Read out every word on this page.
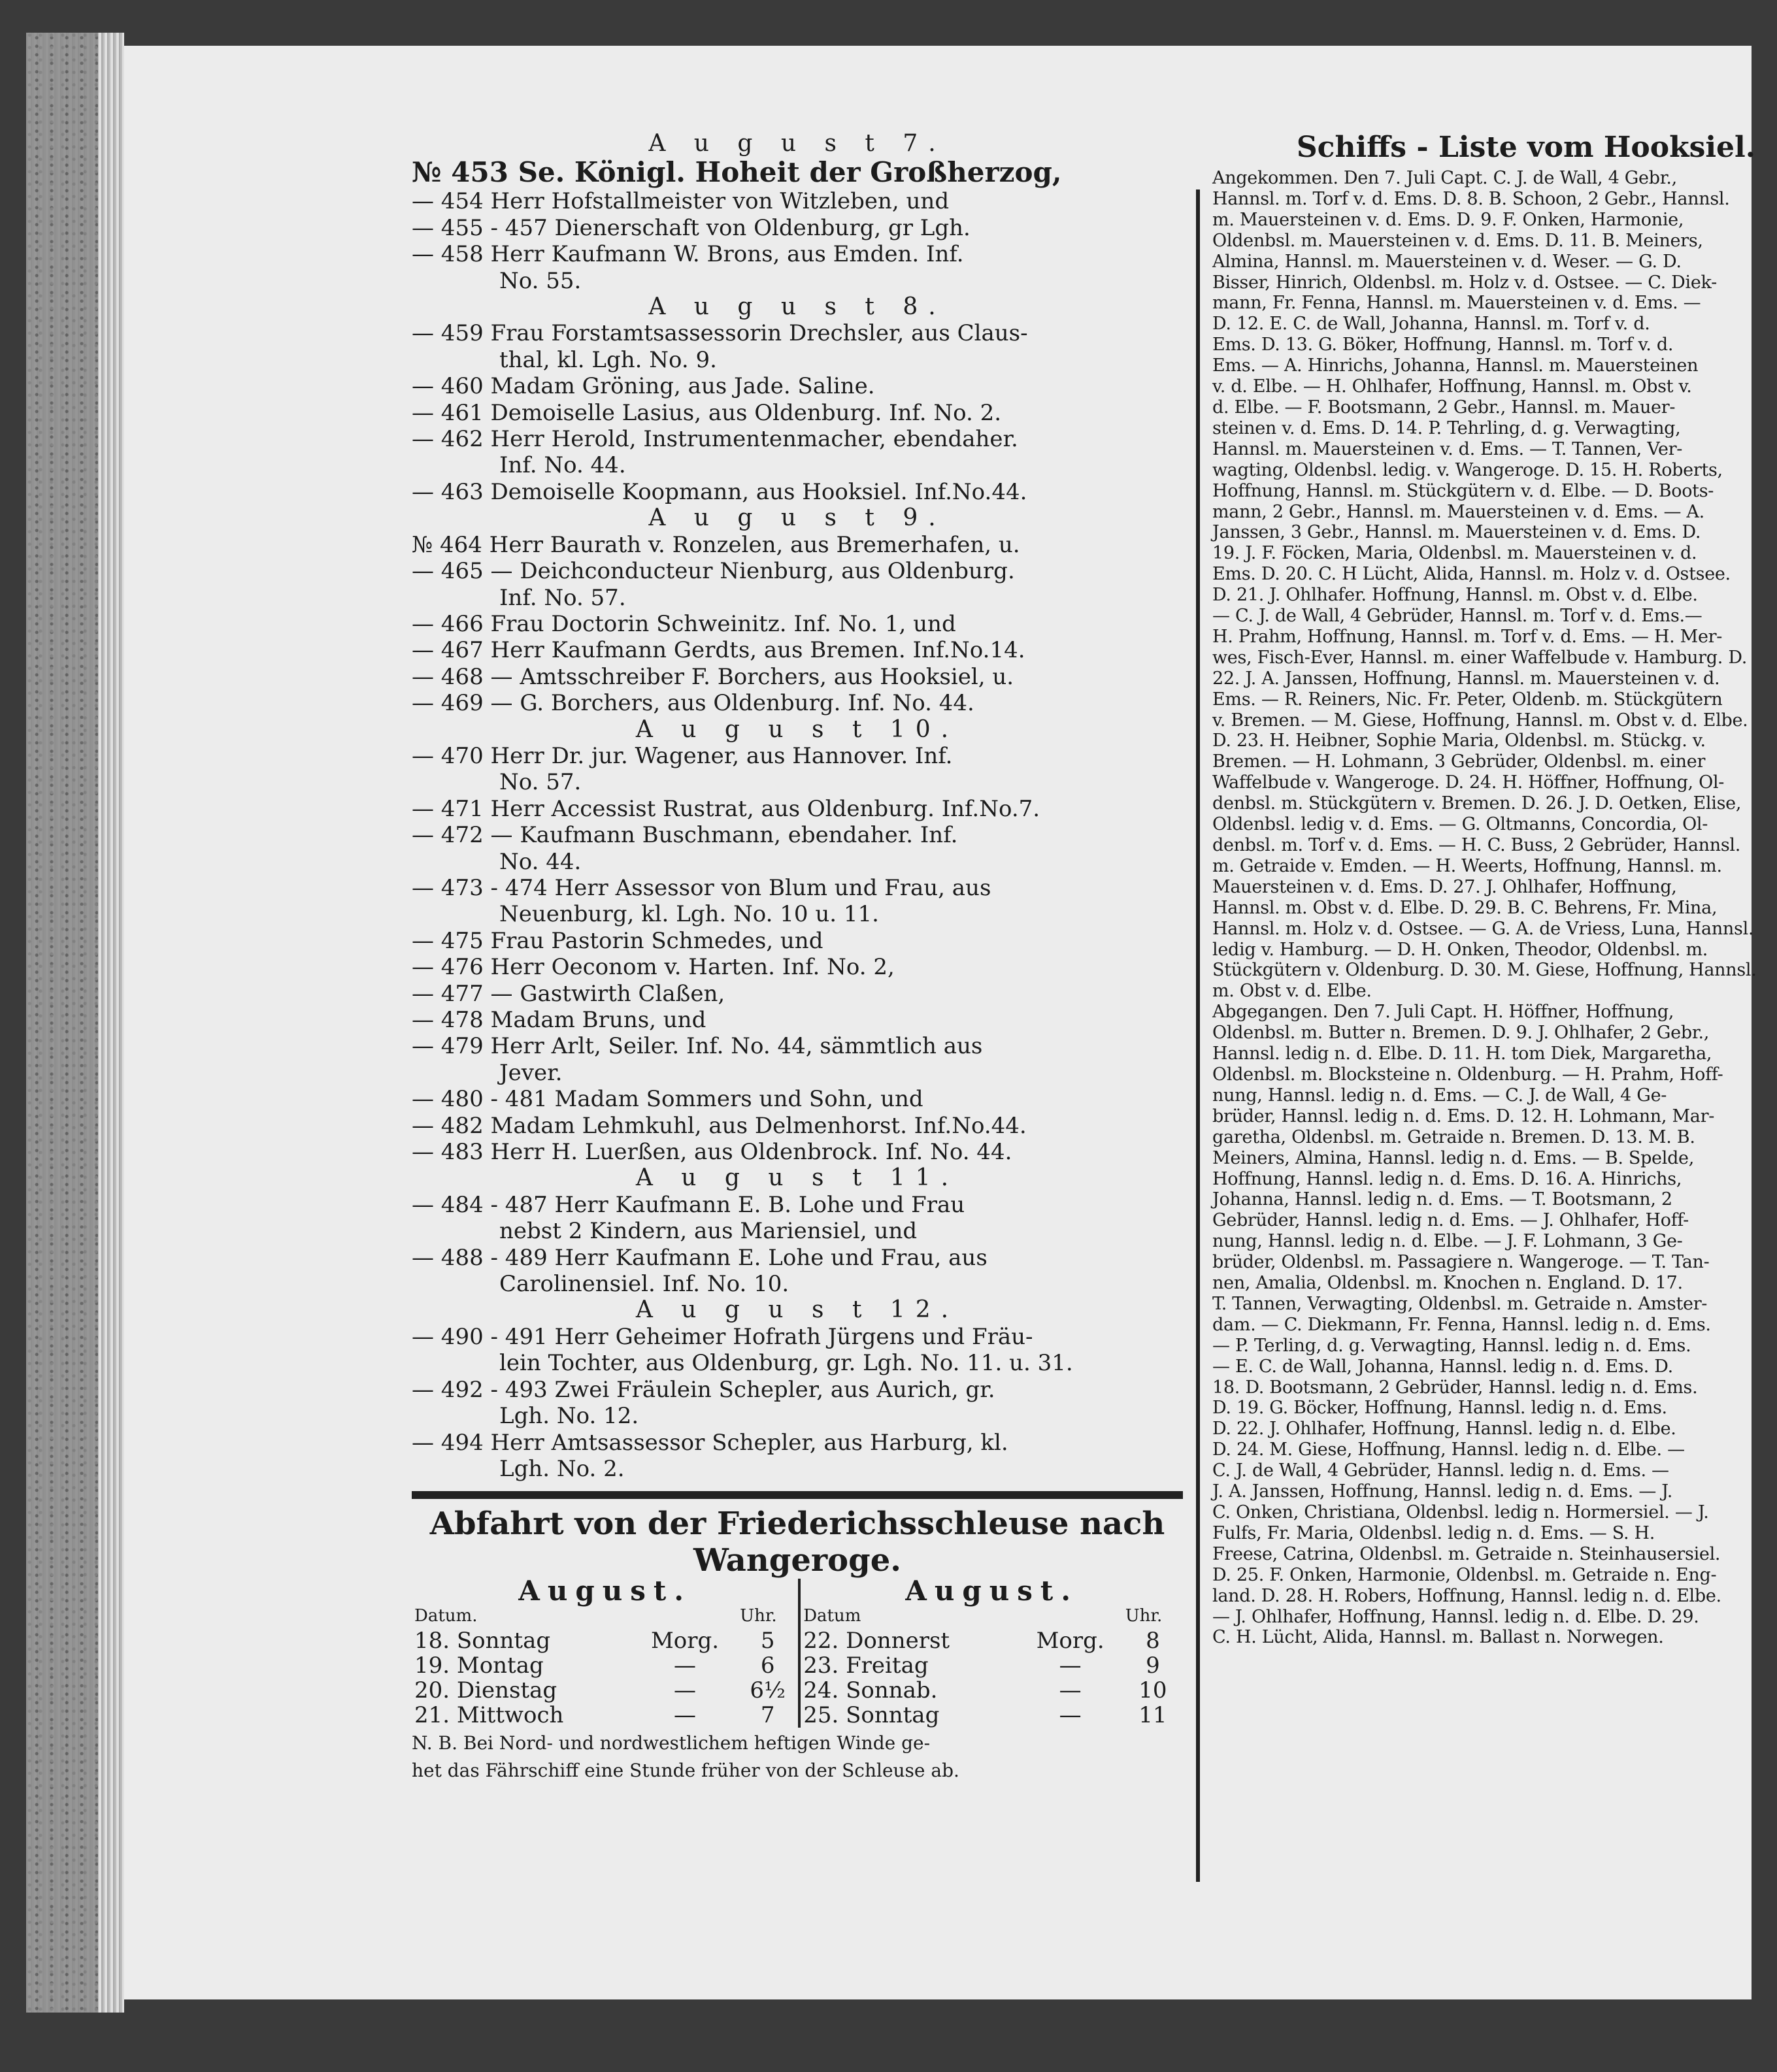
A u g u s t 7.
№ 453 Se. Königl. Hoheit der Großherzog,
— 454 Herr Hofstallmeister von Witzleben, und
— 455 - 457 Dienerschaft von Oldenburg, gr Lgh.
— 458 Herr Kaufmann W. Brons, aus Emden. Inf.
No. 55.
A u g u s t 8.
— 459 Frau Forstamtsassessorin Drechsler, aus Claus-
thal, kl. Lgh. No. 9.
— 460 Madam Gröning, aus Jade. Saline.
— 461 Demoiselle Lasius, aus Oldenburg. Inf. No. 2.
— 462 Herr Herold, Instrumentenmacher, ebendaher.
Inf. No. 44.
— 463 Demoiselle Koopmann, aus Hooksiel. Inf.No.44.
A u g u s t 9.
№ 464 Herr Baurath v. Ronzelen, aus Bremerhafen, u.
— 465 — Deichconducteur Nienburg, aus Oldenburg.
Inf. No. 57.
— 466 Frau Doctorin Schweinitz. Inf. No. 1, und
— 467 Herr Kaufmann Gerdts, aus Bremen. Inf.No.14.
— 468 — Amtsschreiber F. Borchers, aus Hooksiel, u.
— 469 — G. Borchers, aus Oldenburg. Inf. No. 44.
A u g u s t 10.
— 470 Herr Dr. jur. Wagener, aus Hannover. Inf.
No. 57.
— 471 Herr Accessist Rustrat, aus Oldenburg. Inf.No.7.
— 472 — Kaufmann Buschmann, ebendaher. Inf.
No. 44.
— 473 - 474 Herr Assessor von Blum und Frau, aus
Neuenburg, kl. Lgh. No. 10 u. 11.
— 475 Frau Pastorin Schmedes, und
— 476 Herr Oeconom v. Harten. Inf. No. 2,
— 477 — Gastwirth Claßen,
— 478 Madam Bruns, und
— 479 Herr Arlt, Seiler. Inf. No. 44, sämmtlich aus
Jever.
— 480 - 481 Madam Sommers und Sohn, und
— 482 Madam Lehmkuhl, aus Delmenhorst. Inf.No.44.
— 483 Herr H. Luerßen, aus Oldenbrock. Inf. No. 44.
A u g u s t 11.
— 484 - 487 Herr Kaufmann E. B. Lohe und Frau
nebst 2 Kindern, aus Mariensiel, und
— 488 - 489 Herr Kaufmann E. Lohe und Frau, aus
Carolinensiel. Inf. No. 10.
A u g u s t 12.
— 490 - 491 Herr Geheimer Hofrath Jürgens und Fräu-
lein Tochter, aus Oldenburg, gr. Lgh. No. 11. u. 31.
— 492 - 493 Zwei Fräulein Schepler, aus Aurich, gr.
Lgh. No. 12.
— 494 Herr Amtsassessor Schepler, aus Harburg, kl.
Lgh. No. 2.
Abfahrt von der Friederichsschleuse nach
Wangeroge.
August.			August.		
Datum.		Uhr.	Datum		Uhr.
18. Sonntag	Morg.	5	22. Donnerst	Morg.	8
19. Montag	—	6	23. Freitag	—	9
20. Dienstag	—	6½	24. Sonnab.	—	10
21. Mittwoch	—	7	25. Sonntag	—	11
N. B. Bei Nord- und nordwestlichem heftigen Winde ge-
het das Fährschiff eine Stunde früher von der Schleuse ab.
Schiffs - Liste vom Hooksiel.
Angekommen. Den 7. Juli Capt. C. J. de Wall, 4 Gebr.,
Hannsl. m. Torf v. d. Ems. D. 8. B. Schoon, 2 Gebr., Hannsl.
m. Mauersteinen v. d. Ems. D. 9. F. Onken, Harmonie,
Oldenbsl. m. Mauersteinen v. d. Ems. D. 11. B. Meiners,
Almina, Hannsl. m. Mauersteinen v. d. Weser. — G. D.
Bisser, Hinrich, Oldenbsl. m. Holz v. d. Ostsee. — C. Diek-
mann, Fr. Fenna, Hannsl. m. Mauersteinen v. d. Ems. —
D. 12. E. C. de Wall, Johanna, Hannsl. m. Torf v. d.
Ems. D. 13. G. Böker, Hoffnung, Hannsl. m. Torf v. d.
Ems. — A. Hinrichs, Johanna, Hannsl. m. Mauersteinen
v. d. Elbe. — H. Ohlhafer, Hoffnung, Hannsl. m. Obst v.
d. Elbe. — F. Bootsmann, 2 Gebr., Hannsl. m. Mauer-
steinen v. d. Ems. D. 14. P. Tehrling, d. g. Verwagting,
Hannsl. m. Mauersteinen v. d. Ems. — T. Tannen, Ver-
wagting, Oldenbsl. ledig. v. Wangeroge. D. 15. H. Roberts,
Hoffnung, Hannsl. m. Stückgütern v. d. Elbe. — D. Boots-
mann, 2 Gebr., Hannsl. m. Mauersteinen v. d. Ems. — A.
Janssen, 3 Gebr., Hannsl. m. Mauersteinen v. d. Ems. D.
19. J. F. Föcken, Maria, Oldenbsl. m. Mauersteinen v. d.
Ems. D. 20. C. H Lücht, Alida, Hannsl. m. Holz v. d. Ostsee.
D. 21. J. Ohlhafer. Hoffnung, Hannsl. m. Obst v. d. Elbe.
— C. J. de Wall, 4 Gebrüder, Hannsl. m. Torf v. d. Ems.—
H. Prahm, Hoffnung, Hannsl. m. Torf v. d. Ems. — H. Mer-
wes, Fisch-Ever, Hannsl. m. einer Waffelbude v. Hamburg. D.
22. J. A. Janssen, Hoffnung, Hannsl. m. Mauersteinen v. d.
Ems. — R. Reiners, Nic. Fr. Peter, Oldenb. m. Stückgütern
v. Bremen. — M. Giese, Hoffnung, Hannsl. m. Obst v. d. Elbe.
D. 23. H. Heibner, Sophie Maria, Oldenbsl. m. Stückg. v.
Bremen. — H. Lohmann, 3 Gebrüder, Oldenbsl. m. einer
Waffelbude v. Wangeroge. D. 24. H. Höffner, Hoffnung, Ol-
denbsl. m. Stückgütern v. Bremen. D. 26. J. D. Oetken, Elise,
Oldenbsl. ledig v. d. Ems. — G. Oltmanns, Concordia, Ol-
denbsl. m. Torf v. d. Ems. — H. C. Buss, 2 Gebrüder, Hannsl.
m. Getraide v. Emden. — H. Weerts, Hoffnung, Hannsl. m.
Mauersteinen v. d. Ems. D. 27. J. Ohlhafer, Hoffnung,
Hannsl. m. Obst v. d. Elbe. D. 29. B. C. Behrens, Fr. Mina,
Hannsl. m. Holz v. d. Ostsee. — G. A. de Vriess, Luna, Hannsl.
ledig v. Hamburg. — D. H. Onken, Theodor, Oldenbsl. m.
Stückgütern v. Oldenburg. D. 30. M. Giese, Hoffnung, Hannsl.
m. Obst v. d. Elbe.
Abgegangen. Den 7. Juli Capt. H. Höffner, Hoffnung,
Oldenbsl. m. Butter n. Bremen. D. 9. J. Ohlhafer, 2 Gebr.,
Hannsl. ledig n. d. Elbe. D. 11. H. tom Diek, Margaretha,
Oldenbsl. m. Blocksteine n. Oldenburg. — H. Prahm, Hoff-
nung, Hannsl. ledig n. d. Ems. — C. J. de Wall, 4 Ge-
brüder, Hannsl. ledig n. d. Ems. D. 12. H. Lohmann, Mar-
garetha, Oldenbsl. m. Getraide n. Bremen. D. 13. M. B.
Meiners, Almina, Hannsl. ledig n. d. Ems. — B. Spelde,
Hoffnung, Hannsl. ledig n. d. Ems. D. 16. A. Hinrichs,
Johanna, Hannsl. ledig n. d. Ems. — T. Bootsmann, 2
Gebrüder, Hannsl. ledig n. d. Ems. — J. Ohlhafer, Hoff-
nung, Hannsl. ledig n. d. Elbe. — J. F. Lohmann, 3 Ge-
brüder, Oldenbsl. m. Passagiere n. Wangeroge. — T. Tan-
nen, Amalia, Oldenbsl. m. Knochen n. England. D. 17.
T. Tannen, Verwagting, Oldenbsl. m. Getraide n. Amster-
dam. — C. Diekmann, Fr. Fenna, Hannsl. ledig n. d. Ems.
— P. Terling, d. g. Verwagting, Hannsl. ledig n. d. Ems.
— E. C. de Wall, Johanna, Hannsl. ledig n. d. Ems. D.
18. D. Bootsmann, 2 Gebrüder, Hannsl. ledig n. d. Ems.
D. 19. G. Böcker, Hoffnung, Hannsl. ledig n. d. Ems.
D. 22. J. Ohlhafer, Hoffnung, Hannsl. ledig n. d. Elbe.
D. 24. M. Giese, Hoffnung, Hannsl. ledig n. d. Elbe. —
C. J. de Wall, 4 Gebrüder, Hannsl. ledig n. d. Ems. —
J. A. Janssen, Hoffnung, Hannsl. ledig n. d. Ems. — J.
C. Onken, Christiana, Oldenbsl. ledig n. Hormersiel. — J.
Fulfs, Fr. Maria, Oldenbsl. ledig n. d. Ems. — S. H.
Freese, Catrina, Oldenbsl. m. Getraide n. Steinhausersiel.
D. 25. F. Onken, Harmonie, Oldenbsl. m. Getraide n. Eng-
land. D. 28. H. Robers, Hoffnung, Hannsl. ledig n. d. Elbe.
— J. Ohlhafer, Hoffnung, Hannsl. ledig n. d. Elbe. D. 29.
C. H. Lücht, Alida, Hannsl. m. Ballast n. Norwegen.
